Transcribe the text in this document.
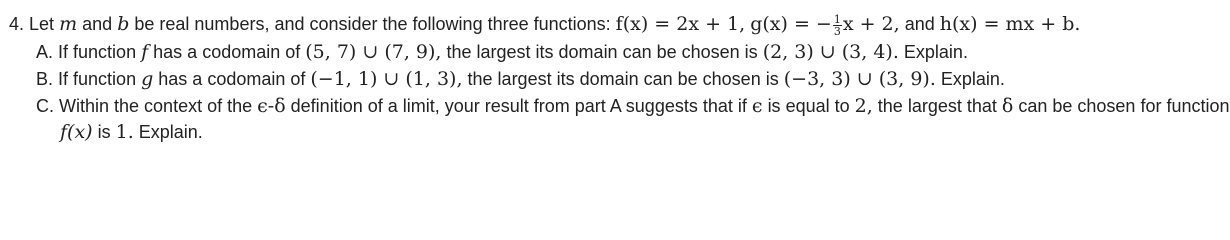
4. Let m and b be real numbers, and consider the following three functions: f(x) = 2x + 1, g(x) = − $\frac{1}{3}$ x + 2, and h(x) = mx + b.
A. If function f has a codomain of (5, 7) ∪ (7, 9), the largest its domain can be chosen is (2, 3) ∪ (3, 4). Explain.
B. If function g has a codomain of (−1, 1) ∪ (1, 3), the largest its domain can be chosen is (−3, 3) ∪ (3, 9). Explain.
C. Within the context of the ϵ-δ definition of a limit, your result from part A suggests that if ϵ is equal to 2, the largest that δ can be chosen for function
f(x) is 1. Explain.
